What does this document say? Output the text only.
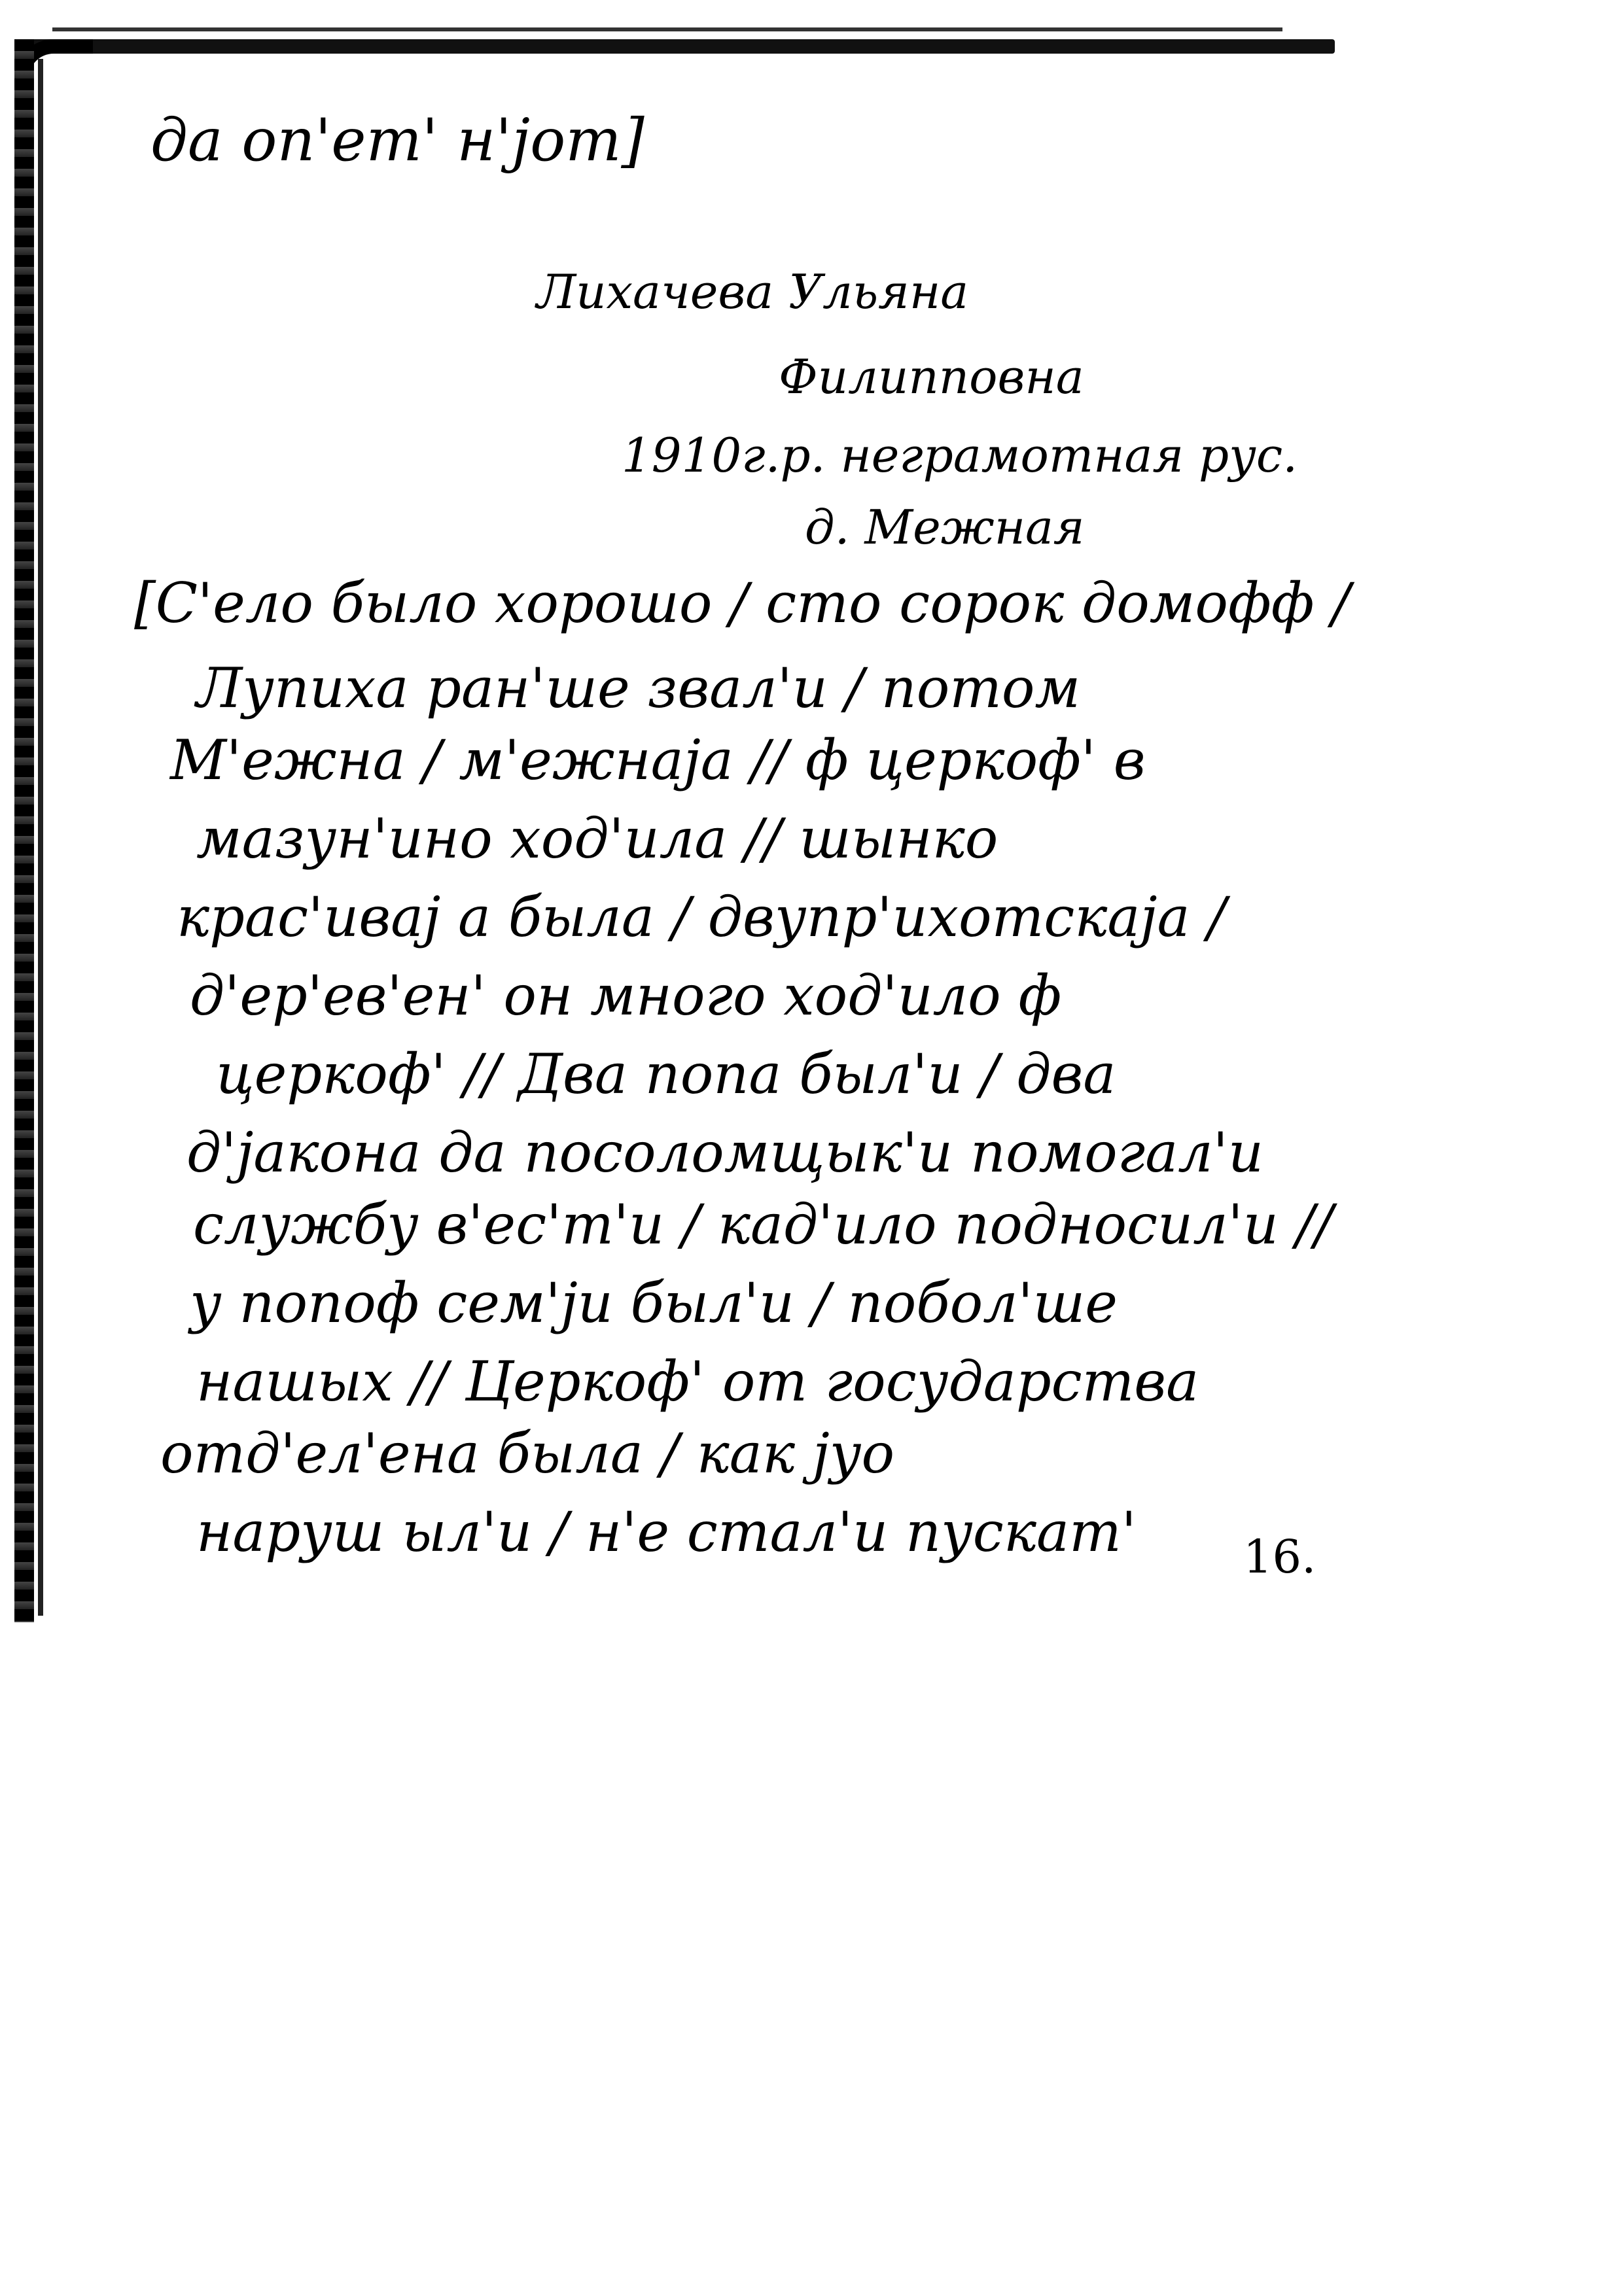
да оп'ет' н'јот]
Лихачева Ульяна
Филипповна
1910г.р. неграмотная рус.
д. Межная
[С'ело было хорошо / сто сорок домофф /
Лупиха ран'ше звал'и / потом
М'ежна / м'ежнаја // ф церкоф' в
мазун'ино ход'ила // шынко
крас'ивај а была / двупр'ихотскаја /
д'ер'ев'ен' он много ход'ило ф
церкоф' // Два попа был'и / два
д'јакона да посоломщык'и помогал'и
службу в'ес'т'и / кад'ило подносил'и //
у попоф сем'ји был'и / побол'ше
нашых // Церкоф' от государства
отд'ел'ена была / как јуо
наруш ыл'и / н'е стал'и пускат' 16.
